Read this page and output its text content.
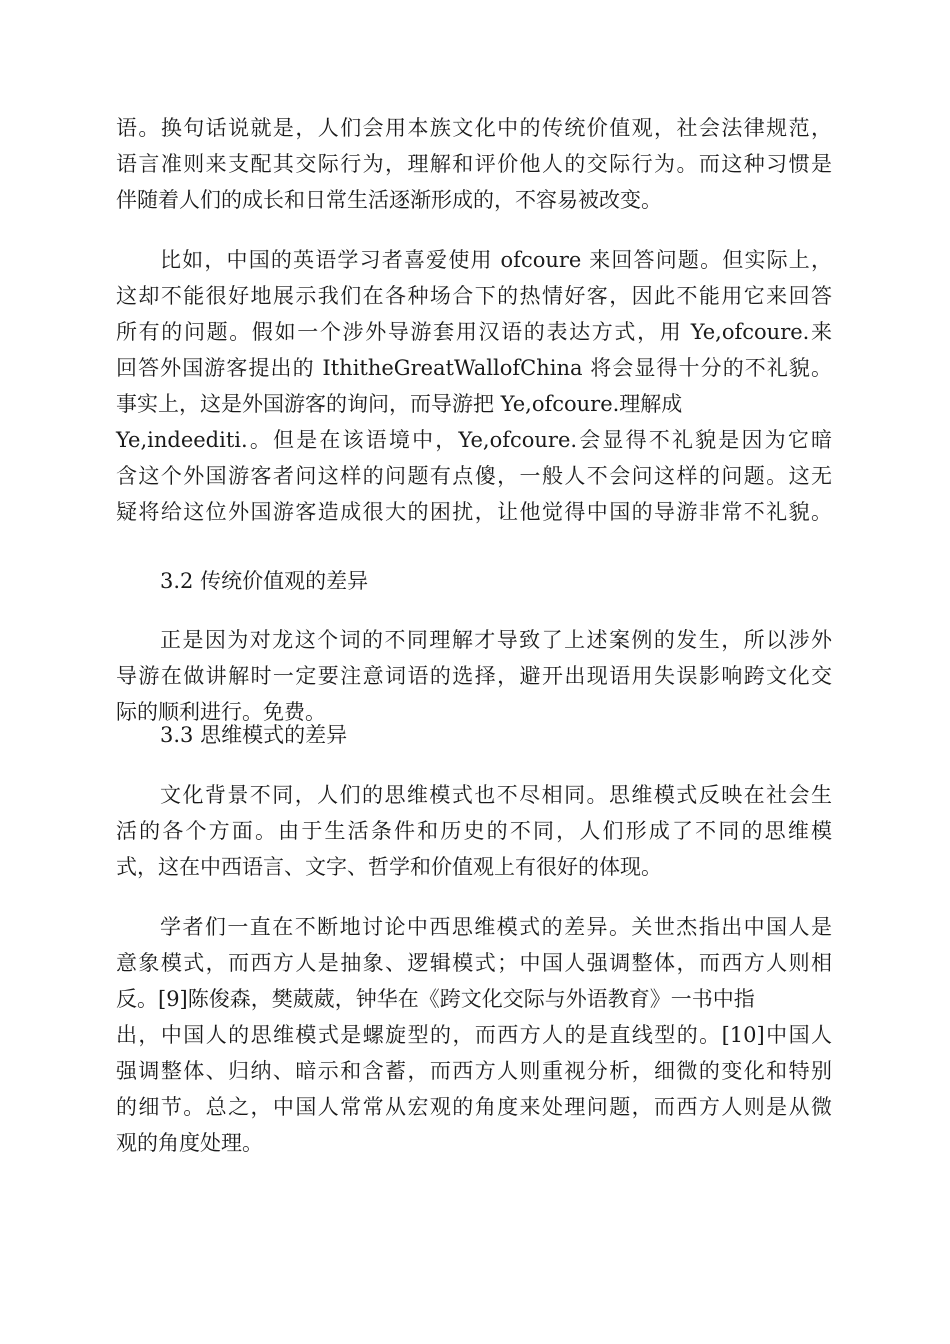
语。换句话说就是，人们会用本族文化中的传统价值观，社会法律规范，
语言准则来支配其交际行为，理解和评价他人的交际行为。而这种习惯是
伴随着人们的成长和日常生活逐渐形成的，不容易被改变。
比如，中国的英语学习者喜爱使用 ofcoure 来回答问题。但实际上，
这却不能很好地展示我们在各种场合下的热情好客，因此不能用它来回答
所有的问题。假如一个涉外导游套用汉语的表达方式，用 Ye,ofcoure.来
回答外国游客提出的 IthitheGreatWallofChina 将会显得十分的不礼貌。
事实上，这是外国游客的询问，而导游把 Ye,ofcoure.理解成
Ye,indeediti.。但是在该语境中，Ye,ofcoure.会显得不礼貌是因为它暗
含这个外国游客者问这样的问题有点傻，一般人不会问这样的问题。这无
疑将给这位外国游客造成很大的困扰，让他觉得中国的导游非常不礼貌。
3.2 传统价值观的差异
正是因为对龙这个词的不同理解才导致了上述案例的发生，所以涉外
导游在做讲解时一定要注意词语的选择，避开出现语用失误影响跨文化交
际的顺利进行。免费。
3.3 思维模式的差异
文化背景不同，人们的思维模式也不尽相同。思维模式反映在社会生
活的各个方面。由于生活条件和历史的不同，人们形成了不同的思维模
式，这在中西语言、文字、哲学和价值观上有很好的体现。
学者们一直在不断地讨论中西思维模式的差异。关世杰指出中国人是
意象模式，而西方人是抽象、逻辑模式；中国人强调整体，而西方人则相
反。[9]陈俊森，樊葳葳，钟华在《跨文化交际与外语教育》一书中指
出，中国人的思维模式是螺旋型的，而西方人的是直线型的。[10]中国人
强调整体、归纳、暗示和含蓄，而西方人则重视分析，细微的变化和特别
的细节。总之，中国人常常从宏观的角度来处理问题，而西方人则是从微
观的角度处理。
